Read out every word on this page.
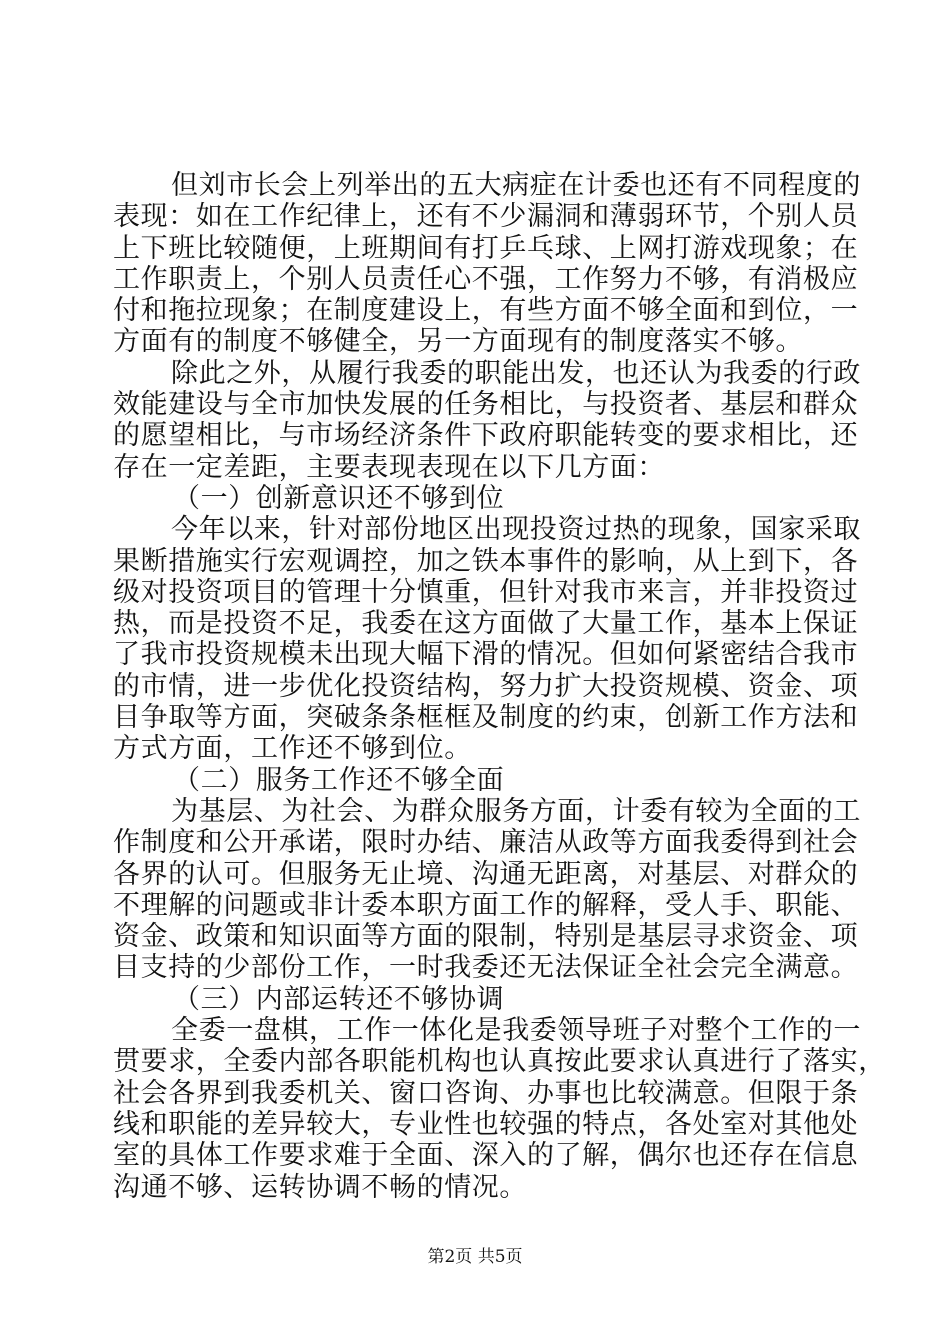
但刘市长会上列举出的五大病症在计委也还有不同程度的
表现：如在工作纪律上，还有不少漏洞和薄弱环节，个别人员
上下班比较随便，上班期间有打乒乓球、上网打游戏现象；在
工作职责上，个别人员责任心不强，工作努力不够，有消极应
付和拖拉现象；在制度建设上，有些方面不够全面和到位，一
方面有的制度不够健全，另一方面现有的制度落实不够。
除此之外，从履行我委的职能出发，也还认为我委的行政
效能建设与全市加快发展的任务相比，与投资者、基层和群众
的愿望相比，与市场经济条件下政府职能转变的要求相比，还
存在一定差距，主要表现表现在以下几方面：
（一）创新意识还不够到位
今年以来，针对部份地区出现投资过热的现象，国家采取
果断措施实行宏观调控，加之铁本事件的影响，从上到下，各
级对投资项目的管理十分慎重，但针对我市来言，并非投资过
热，而是投资不足，我委在这方面做了大量工作，基本上保证
了我市投资规模未出现大幅下滑的情况。但如何紧密结合我市
的市情，进一步优化投资结构，努力扩大投资规模、资金、项
目争取等方面，突破条条框框及制度的约束，创新工作方法和
方式方面，工作还不够到位。
（二）服务工作还不够全面
为基层、为社会、为群众服务方面，计委有较为全面的工
作制度和公开承诺，限时办结、廉洁从政等方面我委得到社会
各界的认可。但服务无止境、沟通无距离，对基层、对群众的
不理解的问题或非计委本职方面工作的解释，受人手、职能、
资金、政策和知识面等方面的限制，特别是基层寻求资金、项
目支持的少部份工作，一时我委还无法保证全社会完全满意。
（三）内部运转还不够协调
全委一盘棋，工作一体化是我委领导班子对整个工作的一
贯要求，全委内部各职能机构也认真按此要求认真进行了落实，
社会各界到我委机关、窗口咨询、办事也比较满意。但限于条
线和职能的差异较大，专业性也较强的特点，各处室对其他处
室的具体工作要求难于全面、深入的了解，偶尔也还存在信息
沟通不够、运转协调不畅的情况。
第2页 共5页
